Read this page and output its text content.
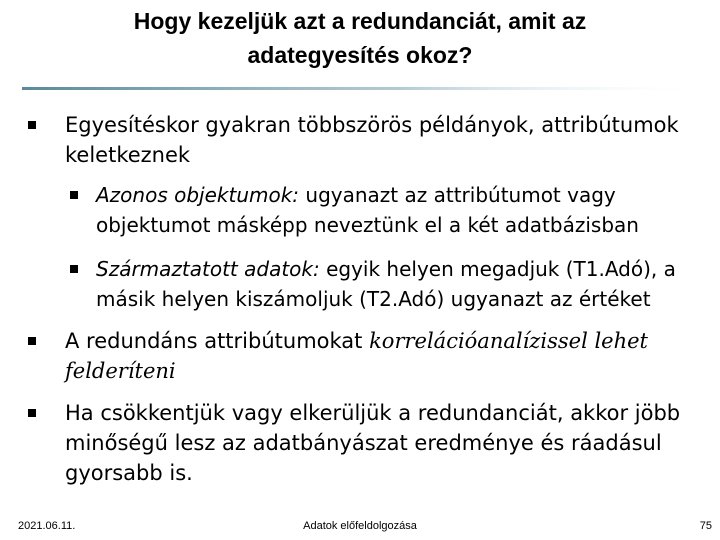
Hogy kezeljük azt a redundanciát, amit az
adategyesítés okoz?
Egyesítéskor gyakran többszörös példányok, attribútumok keletkeznek
Azonos objektumok: ugyanazt az attribútumot vagy objektumot másképp neveztünk el a két adatbázisban
Származtatott adatok: egyik helyen megadjuk (T1.Adó), a másik helyen kiszámoljuk (T2.Adó) ugyanazt az értéket
A redundáns attribútumokat korrelációanalízissel lehet felderíteni
Ha csökkentjük vagy elkerüljük a redundanciát, akkor jöbb minőségű lesz az adatbányászat eredménye és ráadásul gyorsabb is.
2021.06.11.	Adatok előfeldolgozása	75
